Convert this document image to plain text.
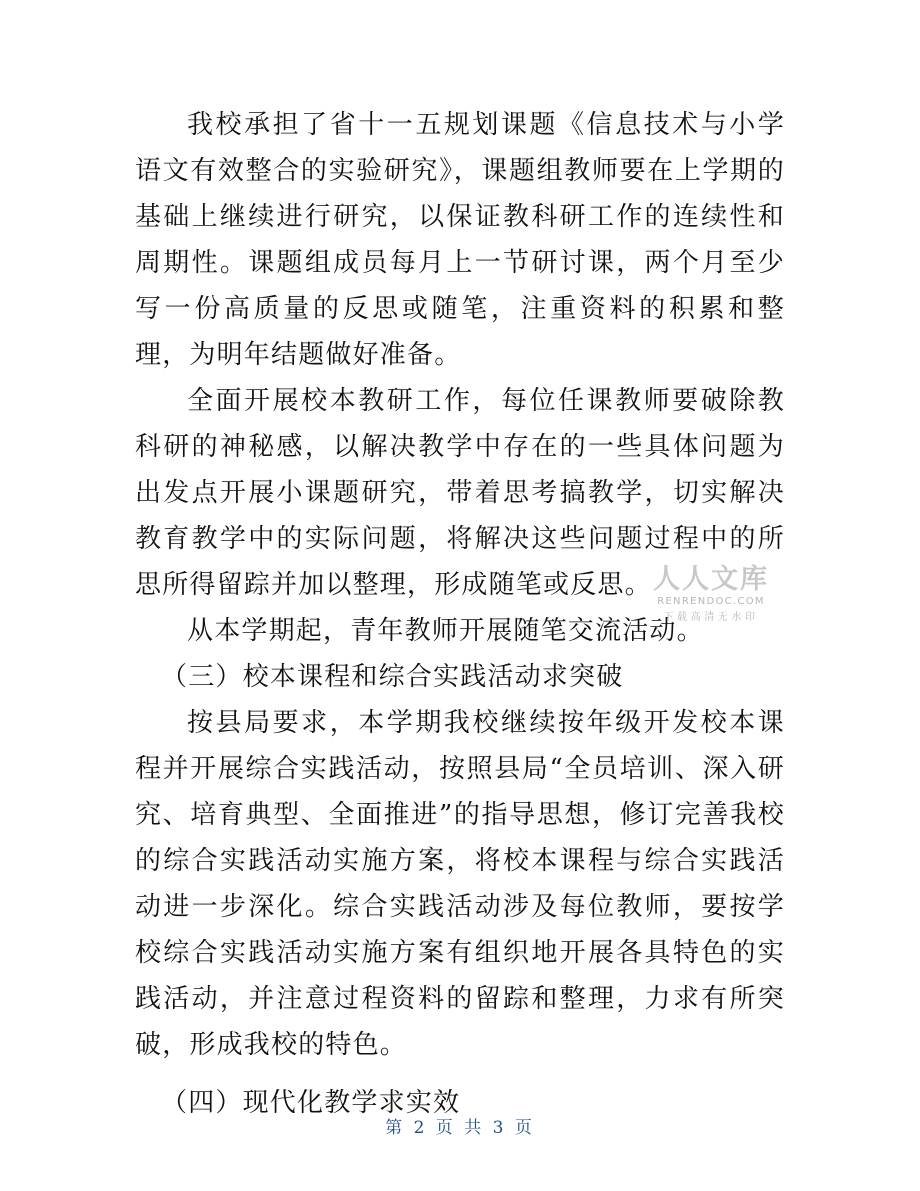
我校承担了省十一五规划课题《信息技术与小学语文有效整合的实验研究》，课题组教师要在上学期的基础上继续进行研究，以保证教科研工作的连续性和周期性。课题组成员每月上一节研讨课，两个月至少写一份高质量的反思或随笔，注重资料的积累和整理，为明年结题做好准备。

全面开展校本教研工作，每位任课教师要破除教科研的神秘感，以解决教学中存在的一些具体问题为出发点开展小课题研究，带着思考搞教学，切实解决教育教学中的实际问题，将解决这些问题过程中的所思所得留踪并加以整理，形成随笔或反思。

从本学期起，青年教师开展随笔交流活动。

（三）校本课程和综合实践活动求突破

按县局要求，本学期我校继续按年级开发校本课程并开展综合实践活动，按照县局“全员培训、深入研究、培育典型、全面推进”的指导思想，修订完善我校的综合实践活动实施方案，将校本课程与综合实践活动进一步深化。综合实践活动涉及每位教师，要按学校综合实践活动实施方案有组织地开展各具特色的实践活动，并注意过程资料的留踪和整理，力求有所突破，形成我校的特色。

（四）现代化教学求实效

人人文库
RENRENDOC.COM
下载高清无水印
第 2 页 共 3 页
